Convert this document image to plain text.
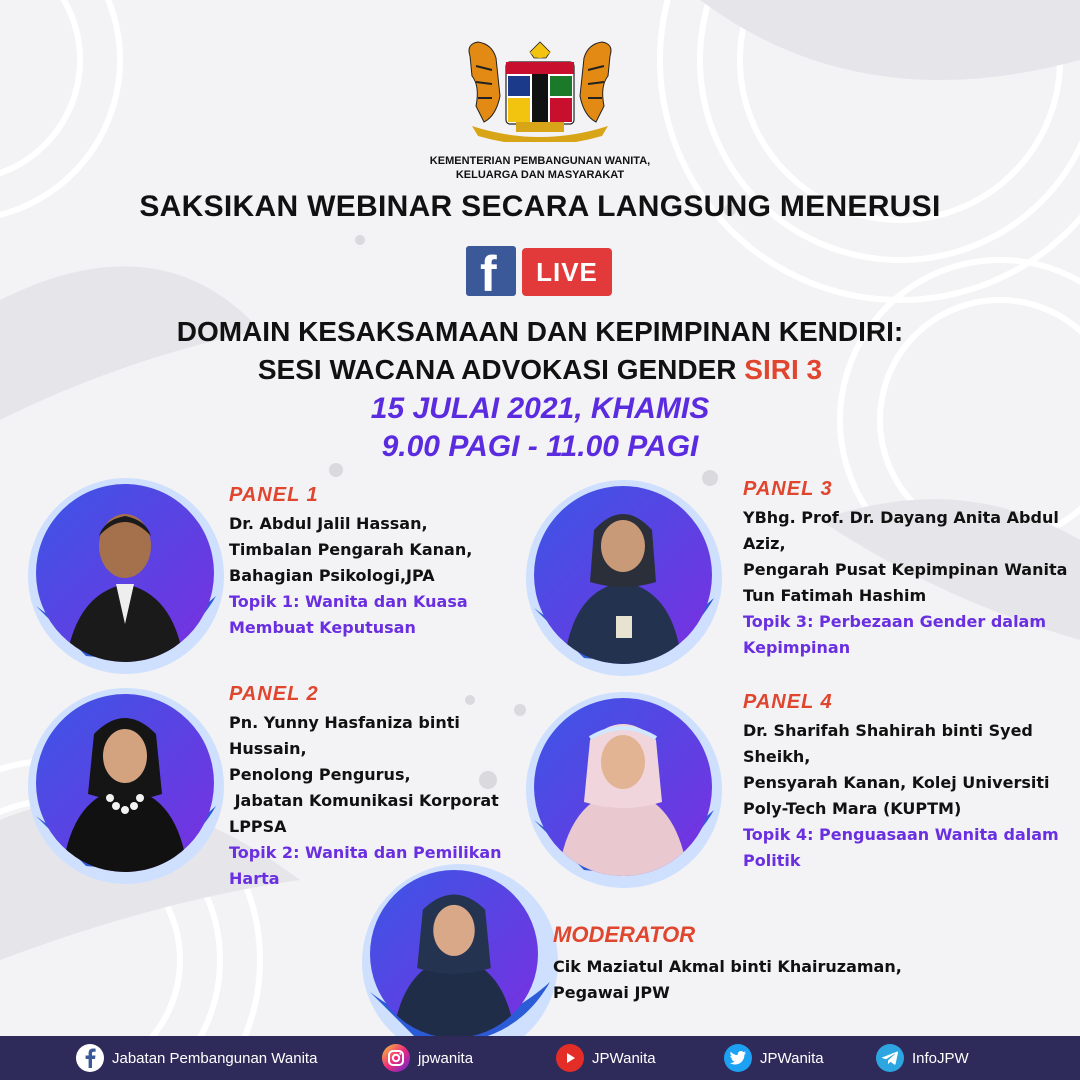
KEMENTERIAN PEMBANGUNAN WANITA,
KELUARGA DAN MASYARAKAT
SAKSIKAN WEBINAR SECARA LANGSUNG MENERUSI
f	LIVE
DOMAIN KESAKSAMAAN DAN KEPIMPINAN KENDIRI:
SESI WACANA ADVOKASI GENDER SIRI 3
15 JULAI 2021, KHAMIS
9.00 PAGI - 11.00 PAGI
PANEL 1
Dr. Abdul Jalil Hassan,
Timbalan Pengarah Kanan,
Bahagian Psikologi,JPA
Topik 1: Wanita dan Kuasa
Membuat Keputusan
PANEL 2
Pn. Yunny Hasfaniza binti
Hussain,
Penolong Pengurus,
Jabatan Komunikasi Korporat
LPPSA
Topik 2: Wanita dan Pemilikan
Harta
PANEL 3
YBhg. Prof. Dr. Dayang Anita Abdul
Aziz,
Pengarah Pusat Kepimpinan Wanita
Tun Fatimah Hashim
Topik 3: Perbezaan Gender dalam
Kepimpinan
PANEL 4
Dr. Sharifah Shahirah binti Syed
Sheikh,
Pensyarah Kanan, Kolej Universiti
Poly-Tech Mara (KUPTM)
Topik 4: Penguasaan Wanita dalam
Politik
MODERATOR
Cik Maziatul Akmal binti Khairuzaman,
Pegawai JPW
Jabatan Pembangunan Wanita	jpwanita	JPWanita	JPWanita	InfoJPW
